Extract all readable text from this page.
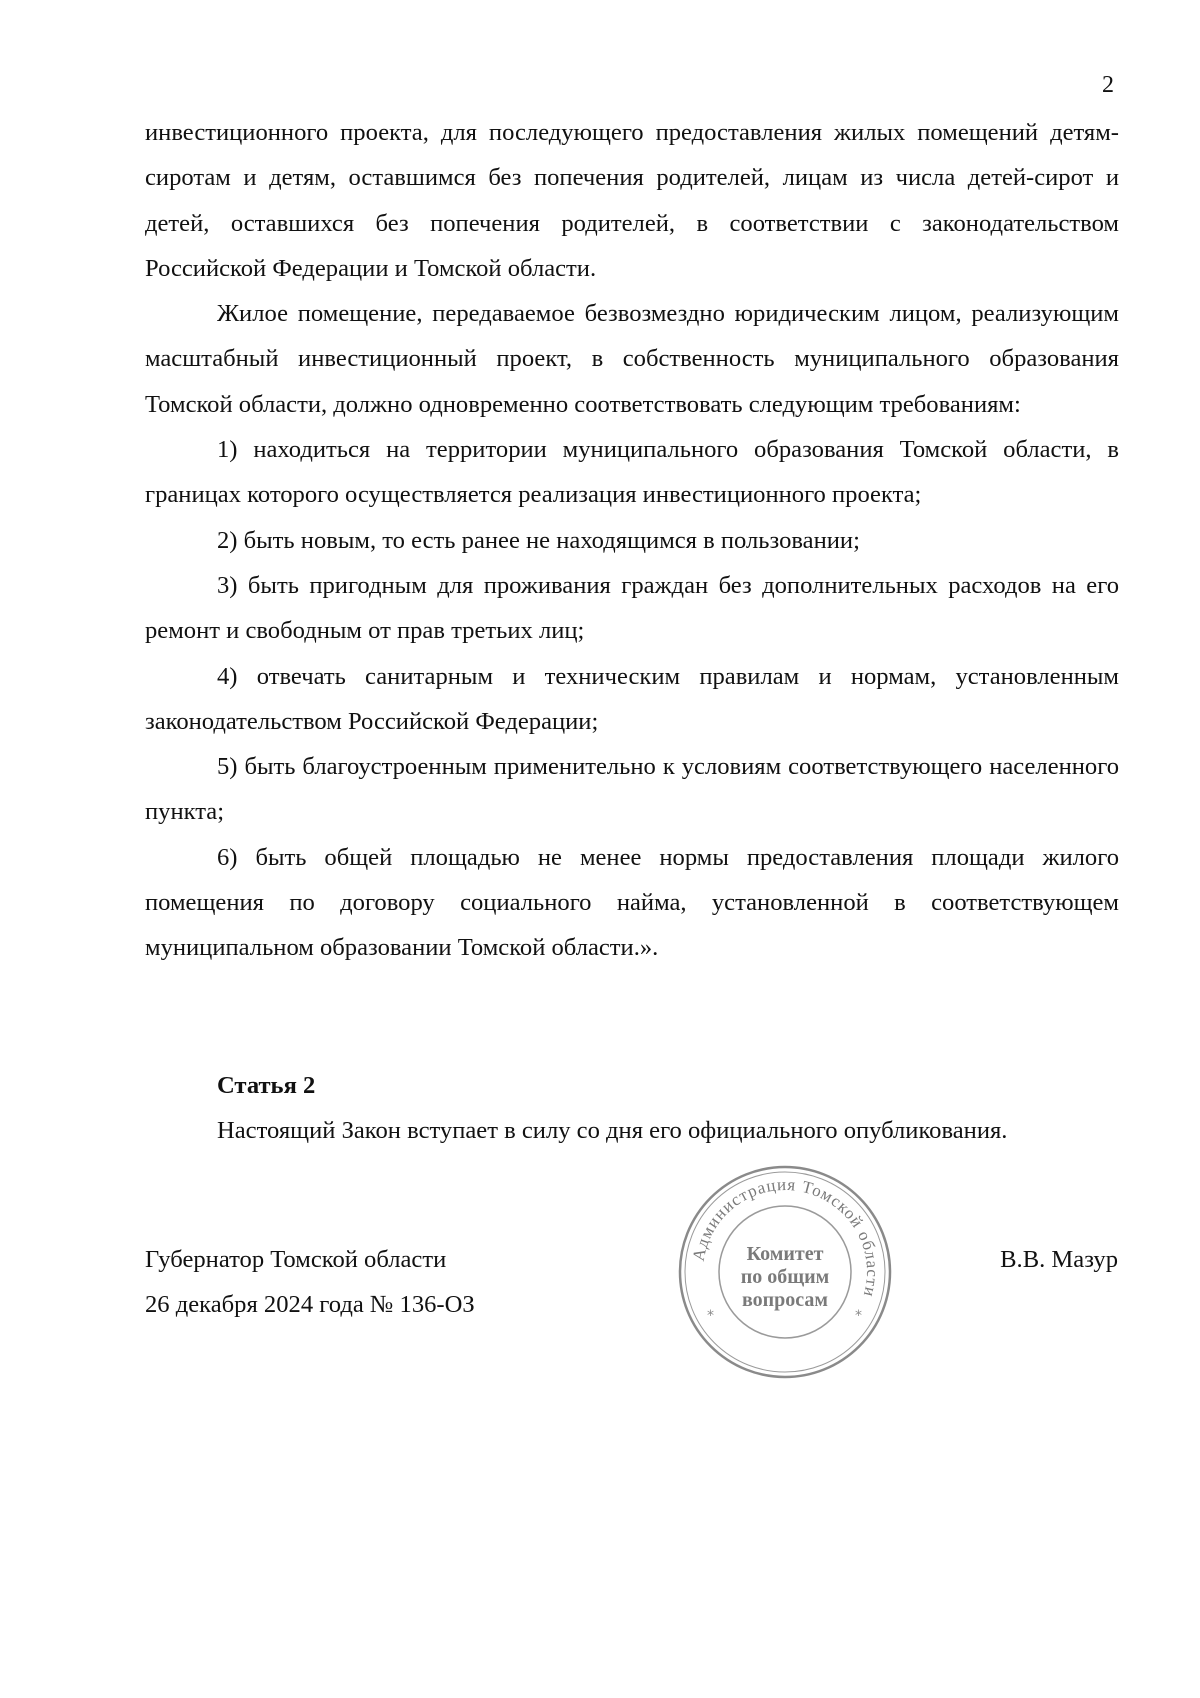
2

инвестиционного проекта, для последующего предоставления жилых помещений детям-сиротам и детям, оставшимся без попечения родителей, лицам из числа детей-сирот и детей, оставшихся без попечения родителей, в соответствии с законодательством Российской Федерации и Томской области.

Жилое помещение, передаваемое безвозмездно юридическим лицом, реализующим масштабный инвестиционный проект, в собственность муниципального образования Томской области, должно одновременно соответствовать следующим требованиям:

1) находиться на территории муниципального образования Томской области, в границах которого осуществляется реализация инвестиционного проекта;

2) быть новым, то есть ранее не находящимся в пользовании;

3) быть пригодным для проживания граждан без дополнительных расходов на его ремонт и свободным от прав третьих лиц;

4) отвечать санитарным и техническим правилам и нормам, установленным законодательством Российской Федерации;

5) быть благоустроенным применительно к условиям соответствующего населенного пункта;

6) быть общей площадью не менее нормы предоставления площади жилого помещения по договору социального найма, установленной в соответствующем муниципальном образовании Томской области.».

Статья 2

Настоящий Закон вступает в силу со дня его официального опубликования.

Губернатор Томской области
26 декабря 2024 года № 136-ОЗ
В.В. Мазур
Администрация Томской области
*	*
Комитет
по общим
вопросам
